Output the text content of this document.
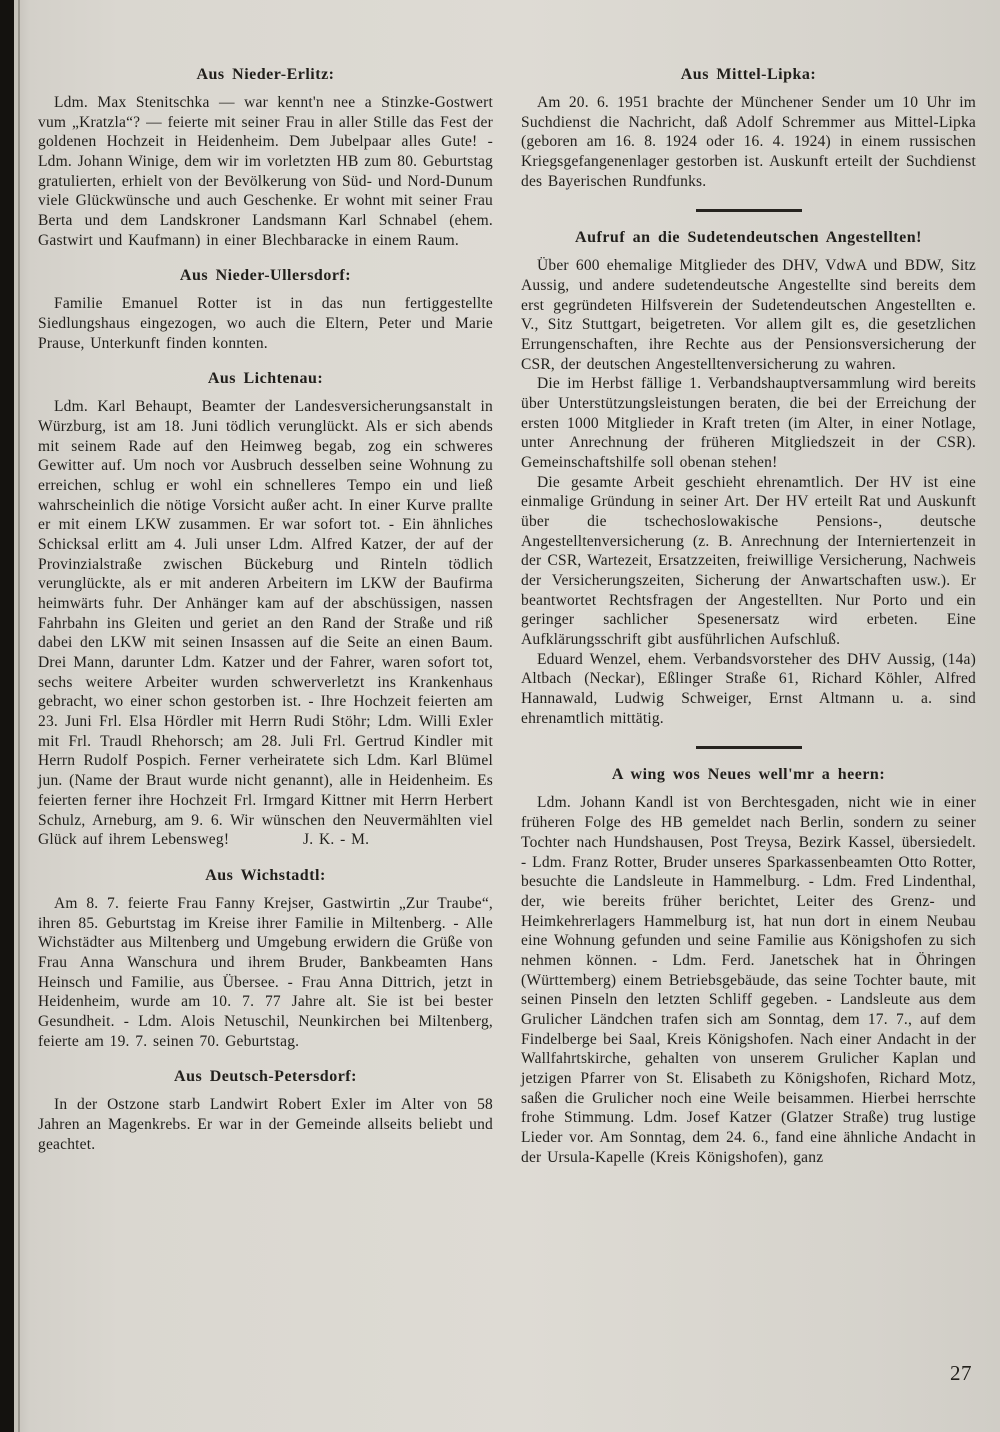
Aus Nieder-Erlitz:

Ldm. Max Stenitschka — war kennt'n nee a Stinzke-Gostwert vum „Kratzla“? — feierte mit seiner Frau in aller Stille das Fest der goldenen Hochzeit in Heidenheim. Dem Jubelpaar alles Gute! - Ldm. Johann Winige, dem wir im vorletzten HB zum 80. Geburtstag gratulierten, erhielt von der Bevölkerung von Süd- und Nord-Dunum viele Glückwünsche und auch Geschenke. Er wohnt mit seiner Frau Berta und dem Landskroner Landsmann Karl Schnabel (ehem. Gastwirt und Kaufmann) in einer Blechbaracke in einem Raum.

Aus Nieder-Ullersdorf:

Familie Emanuel Rotter ist in das nun fertiggestellte Siedlungshaus eingezogen, wo auch die Eltern, Peter und Marie Prause, Unterkunft finden konnten.

Aus Lichtenau:

Ldm. Karl Behaupt, Beamter der Landesversicherungsanstalt in Würzburg, ist am 18. Juni tödlich verunglückt. Als er sich abends mit seinem Rade auf den Heimweg begab, zog ein schweres Gewitter auf. Um noch vor Ausbruch desselben seine Wohnung zu erreichen, schlug er wohl ein schnelleres Tempo ein und ließ wahrscheinlich die nötige Vorsicht außer acht. In einer Kurve prallte er mit einem LKW zusammen. Er war sofort tot. - Ein ähnliches Schicksal erlitt am 4. Juli unser Ldm. Alfred Katzer, der auf der Provinzialstraße zwischen Bückeburg und Rinteln tödlich verunglückte, als er mit anderen Arbeitern im LKW der Baufirma heimwärts fuhr. Der Anhänger kam auf der abschüssigen, nassen Fahrbahn ins Gleiten und geriet an den Rand der Straße und riß dabei den LKW mit seinen Insassen auf die Seite an einen Baum. Drei Mann, darunter Ldm. Katzer und der Fahrer, waren sofort tot, sechs weitere Arbeiter wurden schwerverletzt ins Krankenhaus gebracht, wo einer schon gestorben ist. - Ihre Hochzeit feierten am 23. Juni Frl. Elsa Hördler mit Herrn Rudi Stöhr; Ldm. Willi Exler mit Frl. Traudl Rhehorsch; am 28. Juli Frl. Gertrud Kindler mit Herrn Rudolf Pospich. Ferner verheiratete sich Ldm. Karl Blümel jun. (Name der Braut wurde nicht genannt), alle in Heidenheim. Es feierten ferner ihre Hochzeit Frl. Irmgard Kittner mit Herrn Herbert Schulz, Arneburg, am 9. 6. Wir wünschen den Neuvermählten viel Glück auf ihrem Lebensweg!             J. K. - M.

Aus Wichstadtl:

Am 8. 7. feierte Frau Fanny Krejser, Gastwirtin „Zur Traube“, ihren 85. Geburtstag im Kreise ihrer Familie in Miltenberg. - Alle Wichstädter aus Miltenberg und Umgebung erwidern die Grüße von Frau Anna Wanschura und ihrem Bruder, Bankbeamten Hans Heinsch und Familie, aus Übersee. - Frau Anna Dittrich, jetzt in Heidenheim, wurde am 10. 7. 77 Jahre alt. Sie ist bei bester Gesundheit. - Ldm. Alois Netuschil, Neunkirchen bei Miltenberg, feierte am 19. 7. seinen 70. Geburtstag.

Aus Deutsch-Petersdorf:

In der Ostzone starb Landwirt Robert Exler im Alter von 58 Jahren an Magenkrebs. Er war in der Gemeinde allseits beliebt und geachtet.

Aus Mittel-Lipka:

Am 20. 6. 1951 brachte der Münchener Sender um 10 Uhr im Suchdienst die Nachricht, daß Adolf Schremmer aus Mittel-Lipka (geboren am 16. 8. 1924 oder 16. 4. 1924) in einem russischen Kriegsgefangenenlager gestorben ist. Auskunft erteilt der Suchdienst des Bayerischen Rundfunks.

Aufruf an die Sudetendeutschen Angestellten!

Über 600 ehemalige Mitglieder des DHV, VdwA und BDW, Sitz Aussig, und andere sudetendeutsche Angestellte sind bereits dem erst gegründeten Hilfsverein der Sudetendeutschen Angestellten e. V., Sitz Stuttgart, beigetreten. Vor allem gilt es, die gesetzlichen Errungenschaften, ihre Rechte aus der Pensionsversicherung der CSR, der deutschen Angestelltenversicherung zu wahren.

Die im Herbst fällige 1. Verbandshauptversammlung wird bereits über Unterstützungsleistungen beraten, die bei der Erreichung der ersten 1000 Mitglieder in Kraft treten (im Alter, in einer Notlage, unter Anrechnung der früheren Mitgliedszeit in der CSR). Gemeinschaftshilfe soll obenan stehen!

Die gesamte Arbeit geschieht ehrenamtlich. Der HV ist eine einmalige Gründung in seiner Art. Der HV erteilt Rat und Auskunft über die tschechoslowakische Pensions-, deutsche Angestelltenversicherung (z. B. Anrechnung der Interniertenzeit in der CSR, Wartezeit, Ersatzzeiten, freiwillige Versicherung, Nachweis der Versicherungszeiten, Sicherung der Anwartschaften usw.). Er beantwortet Rechtsfragen der Angestellten. Nur Porto und ein geringer sachlicher Spesenersatz wird erbeten. Eine Aufklärungsschrift gibt ausführlichen Aufschluß.

Eduard Wenzel, ehem. Verbandsvorsteher des DHV Aussig, (14a) Altbach (Neckar), Eßlinger Straße 61, Richard Köhler, Alfred Hannawald, Ludwig Schweiger, Ernst Altmann u. a. sind ehrenamtlich mittätig.

A wing wos Neues well'mr a heern:

Ldm. Johann Kandl ist von Berchtesgaden, nicht wie in einer früheren Folge des HB gemeldet nach Berlin, sondern zu seiner Tochter nach Hundshausen, Post Treysa, Bezirk Kassel, übersiedelt. - Ldm. Franz Rotter, Bruder unseres Sparkassenbeamten Otto Rotter, besuchte die Landsleute in Hammelburg. - Ldm. Fred Lindenthal, der, wie bereits früher berichtet, Leiter des Grenz- und Heimkehrerlagers Hammelburg ist, hat nun dort in einem Neubau eine Wohnung gefunden und seine Familie aus Königshofen zu sich nehmen können. - Ldm. Ferd. Janetschek hat in Öhringen (Württemberg) einem Betriebsgebäude, das seine Tochter baute, mit seinen Pinseln den letzten Schliff gegeben. - Landsleute aus dem Grulicher Ländchen trafen sich am Sonntag, dem 17. 7., auf dem Findelberge bei Saal, Kreis Königshofen. Nach einer Andacht in der Wallfahrtskirche, gehalten von unserem Grulicher Kaplan und jetzigen Pfarrer von St. Elisabeth zu Königshofen, Richard Motz, saßen die Grulicher noch eine Weile beisammen. Hierbei herrschte frohe Stimmung. Ldm. Josef Katzer (Glatzer Straße) trug lustige Lieder vor. Am Sonntag, dem 24. 6., fand eine ähnliche Andacht in der Ursula-Kapelle (Kreis Königshofen), ganz

27
